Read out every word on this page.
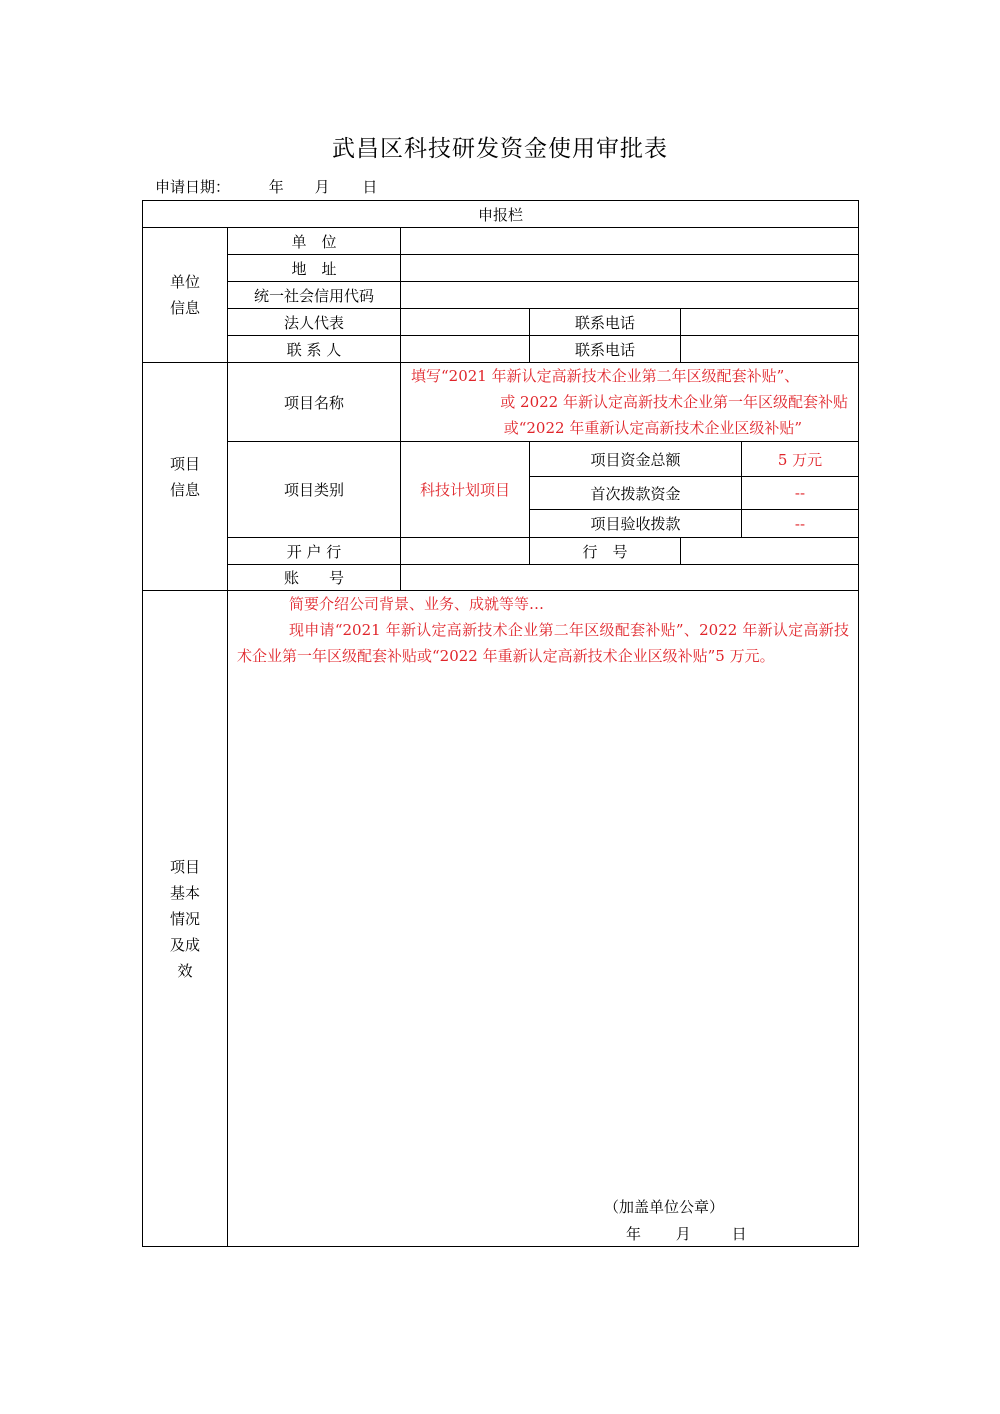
武昌区科技研发资金使用审批表
申请日期：	年 月 日
申报栏
单位
信息
单　位
地　址
统一社会信用代码
法人代表	联系电话
联 系 人	联系电话
项目
信息
项目名称
填写“2021 年新认定高新技术企业第二年区级配套补贴”、
或 2022 年新认定高新技术企业第一年区级配套补贴
或“2022 年重新认定高新技术企业区级补贴”
项目类别	科技计划项目
项目资金总额	5 万元
首次拨款资金	--
项目验收拨款	--
开 户 行	行　号
账　　号
项目
基本
情况
及成
效
简要介绍公司背景、业务、成就等等…
现申请“2021 年新认定高新技术企业第二年区级配套补贴”、2022 年新认定高新技术企业第一年区级配套补贴或“2022 年重新认定高新技术企业区级补贴”5 万元。
（加盖单位公章）
年 月	日
